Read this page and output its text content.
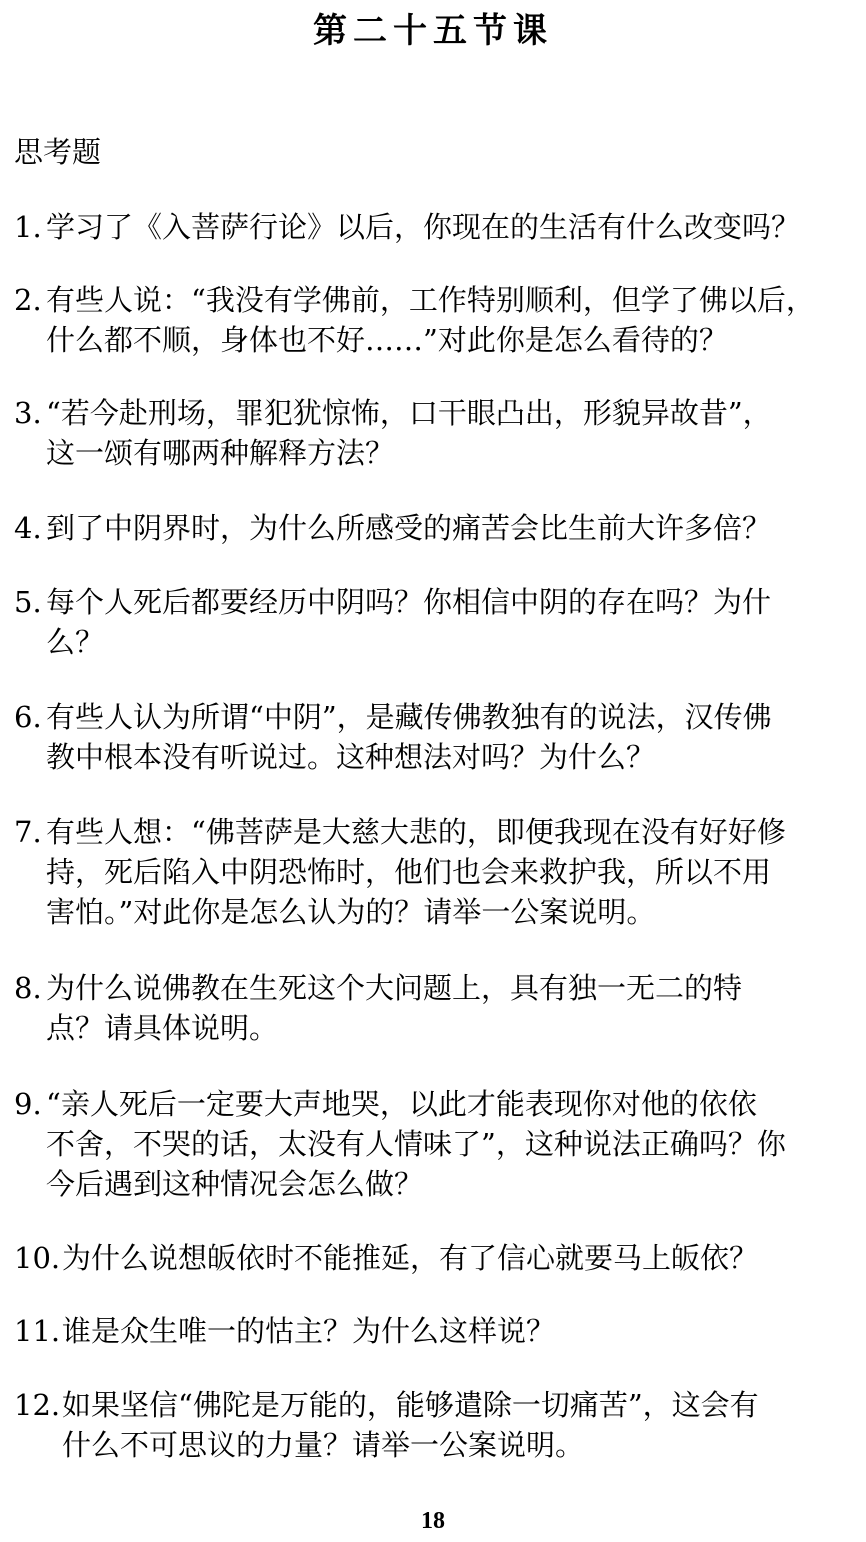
第二十五节课
思考题
1. 学习了《入菩萨行论》以后，你现在的生活有什么改变吗？
2. 有些人说：“我没有学佛前，工作特别顺利，但学了佛以后，
什么都不顺，身体也不好……”对此你是怎么看待的？
3. “若今赴刑场，罪犯犹惊怖，口干眼凸出，形貌异故昔”，
这一颂有哪两种解释方法？
4. 到了中阴界时，为什么所感受的痛苦会比生前大许多倍？
5. 每个人死后都要经历中阴吗？你相信中阴的存在吗？为什
么？
6. 有些人认为所谓“中阴”，是藏传佛教独有的说法，汉传佛
教中根本没有听说过。这种想法对吗？为什么？
7. 有些人想：“佛菩萨是大慈大悲的，即便我现在没有好好修
持，死后陷入中阴恐怖时，他们也会来救护我，所以不用
害怕。”对此你是怎么认为的？请举一公案说明。
8. 为什么说佛教在生死这个大问题上，具有独一无二的特
点？请具体说明。
9. “亲人死后一定要大声地哭，以此才能表现你对他的依依
不舍，不哭的话，太没有人情味了”，这种说法正确吗？你
今后遇到这种情况会怎么做？
10. 为什么说想皈依时不能推延，有了信心就要马上皈依？
11. 谁是众生唯一的怙主？为什么这样说？
12. 如果坚信“佛陀是万能的，能够遣除一切痛苦”，这会有
什么不可思议的力量？请举一公案说明。
18
